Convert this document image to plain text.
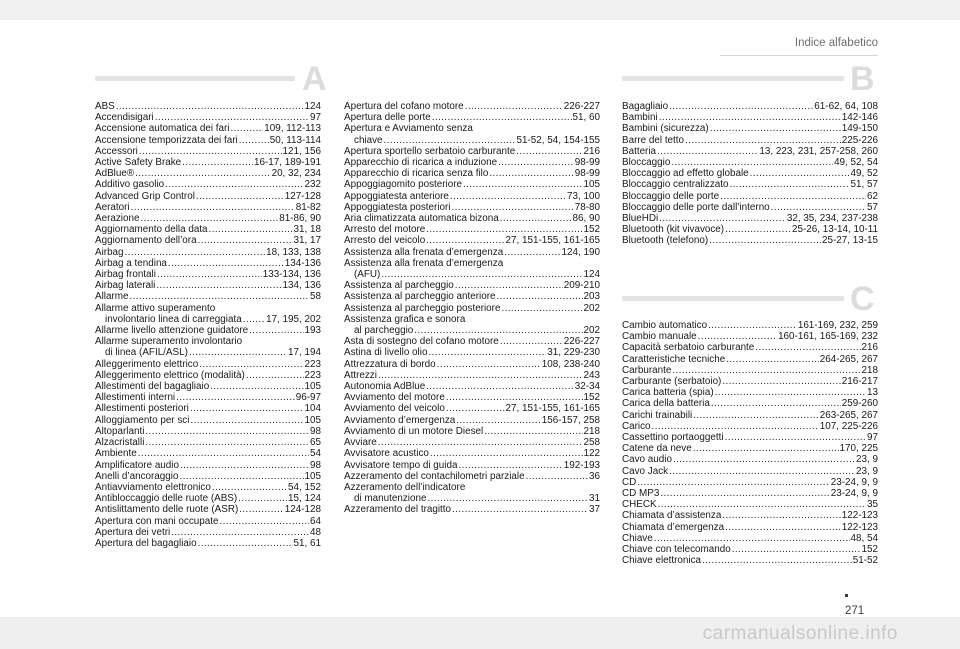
Indice alfabetico
A	B
C
ABS .....	124
Accendisigari .....	97
Accensione automatica dei fari .....	109, 112-113
Accensione temporizzata dei fari .....	50, 113-114
Accessori .....	121, 156
Active Safety Brake .....	16-17, 189-191
AdBlue® .....	20, 32, 234
Additivo gasolio .....	232
Advanced Grip Control .....	127-128
Aeratori .....	81-82
Aerazione .....	81-86, 90
Aggiornamento della data .....	31, 18
Aggiornamento dell’ora .....	31, 17
Airbag .....	18, 133, 138
Airbag a tendina .....	134-136
Airbag frontali .....	133-134, 136
Airbag laterali .....	134, 136
Allarme .....	58
Allarme attivo superamento
involontario linea di carreggiata ..... 17, 195, 202
Allarme livello attenzione guidatore .....	193
Allarme superamento involontario
di linea (AFIL/ASL) .....	17, 194
Alleggerimento elettrico .....	223
Alleggerimento elettrico (modalità) .....	223
Allestimenti del bagagliaio .....	105
Allestimenti interni .....	96-97
Allestimenti posteriori .....	104
Alloggiamento per sci .....	105
Altoparlanti .....	98
Alzacristalli .....	65
Ambiente .....	54
Amplificatore audio .....	98
Anelli d’ancoraggio .....	105
Antiavviamento elettronico .....	54, 152
Antibloccaggio delle ruote (ABS) .....	15, 124
Antislittamento delle ruote (ASR) .....	124-128
Apertura con mani occupate .....	64
Apertura dei vetri .....	48
Apertura del bagagliaio .....	51, 61
Apertura del cofano motore .....	226-227
Apertura delle porte .....	51, 60
Apertura e Avviamento senza
chiave .....	51-52, 54, 154-155
Apertura sportello serbatoio carburante .....	216
Apparecchio di ricarica a induzione .....	98-99
Apparecchio di ricarica senza filo .....	98-99
Appoggiagomito posteriore .....	105
Appoggiatesta anteriore .....	73, 100
Appoggiatesta posteriori .....	78-80
Aria climatizzata automatica bizona .....	86, 90
Arresto del motore .....	152
Arresto del veicolo .....	27, 151-155, 161-165
Assistenza alla frenata d’emergenza .....	124, 190
Assistenza alla frenata d’emergenza
(AFU) .....	124
Assistenza al parcheggio .....	209-210
Assistenza al parcheggio anteriore .....	203
Assistenza al parcheggio posteriore .....	202
Assistenza grafica e sonora
al parcheggio .....	202
Asta di sostegno del cofano motore .....	226-227
Astina di livello olio .....	31, 229-230
Attrezzatura di bordo .....	108, 238-240
Attrezzi .....	243
Autonomia AdBlue .....	32-34
Avviamento del motore .....	152
Avviamento del veicolo .....	27, 151-155, 161-165
Avviamento d’emergenza .....	156-157, 258
Avviamento di un motore Diesel .....	218
Avviare .....	258
Avvisatore acustico .....	122
Avvisatore tempo di guida .....	192-193
Azzeramento del contachilometri parziale .....	36
Azzeramento dell’indicatore
di manutenzione .....	31
Azzeramento del tragitto .....	37
Bagagliaio .....	61-62, 64, 108
Bambini .....	142-146
Bambini (sicurezza) .....	149-150
Barre del tetto .....	225-226
Batteria .....	13, 223, 231, 257-258, 260
Bloccaggio .....	49, 52, 54
Bloccaggio ad effetto globale .....	49, 52
Bloccaggio centralizzato .....	51, 57
Bloccaggio delle porte .....	62
Bloccaggio delle porte dall’interno .....	57
BlueHDi .....	32, 35, 234, 237-238
Bluetooth (kit vivavoce) .....	25-26, 13-14, 10-11
Bluetooth (telefono) .....	25-27, 13-15
Cambio automatico .....	161-169, 232, 259
Cambio manuale .....	160-161, 165-169, 232
Capacità serbatoio carburante .....	216
Caratteristiche tecniche .....	264-265, 267
Carburante .....	218
Carburante (serbatoio) .....	216-217
Carica batteria (spia) .....	13
Carica della batteria .....	259-260
Carichi trainabili .....	263-265, 267
Carico .....	107, 225-226
Cassettino portaoggetti .....	97
Catene da neve .....	170, 225
Cavo audio .....	23, 9
Cavo Jack .....	23, 9
CD .....	23-24, 9, 9
CD MP3 .....	23-24, 9, 9
CHECK .....	35
Chiamata d’assistenza .....	122-123
Chiamata d’emergenza .....	122-123
Chiave .....	48, 54
Chiave con telecomando .....	152
Chiave elettronica .....	51-52
271
carmanualsonline.info
